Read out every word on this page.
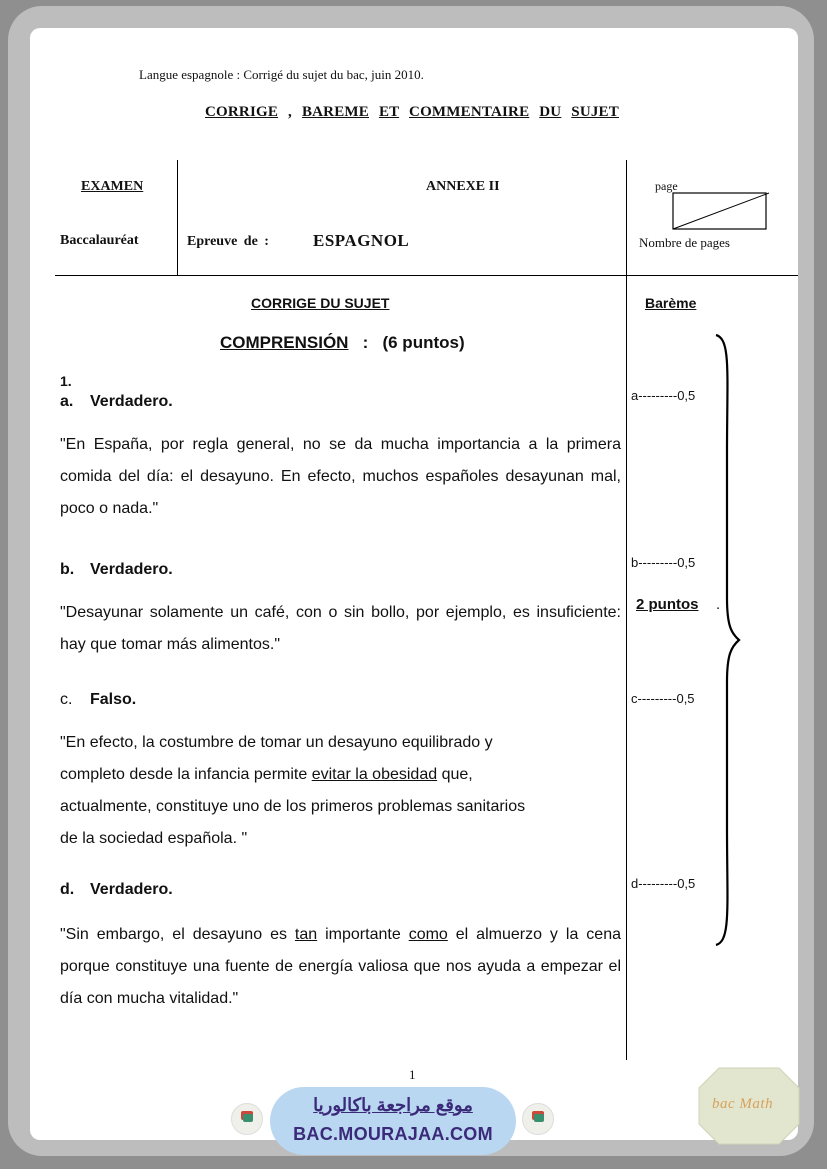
Langue espagnole : Corrigé du sujet du bac, juin 2010.
CORRIGE , BAREME ET COMMENTAIRE DU SUJET
EXAMEN
Baccalauréat
ANNEXE II
Epreuve de :	ESPAGNOL
page
Nombre de pages
CORRIGE DU SUJET	Barème
COMPRENSIÓN   :   (6 puntos)
1.
a. Verdadero.
"En España, por regla general, no se da mucha importancia a la primera comida del día: el desayuno. En efecto, muchos españoles desayunan mal, poco o nada."
a---------0,5
b. Verdadero.
"Desayunar solamente un café, con o sin bollo, por ejemplo, es insuficiente: hay que tomar más alimentos."
b---------0,5
2 puntos .
c. Falso.
"En efecto, la costumbre de tomar un desayuno equilibrado y
completo desde la infancia permite evitar la obesidad que,
actualmente, constituye uno de los primeros problemas sanitarios
de la sociedad española. "
c---------0,5
d. Verdadero.
"Sin embargo, el desayuno es tan importante como el almuerzo y la cena porque constituye una fuente de energía valiosa que nos ayuda a empezar el día con mucha vitalidad."
d---------0,5
1
موقع مراجعة باكالوريا
BAC.MOURAJAA.COM
bac Math
